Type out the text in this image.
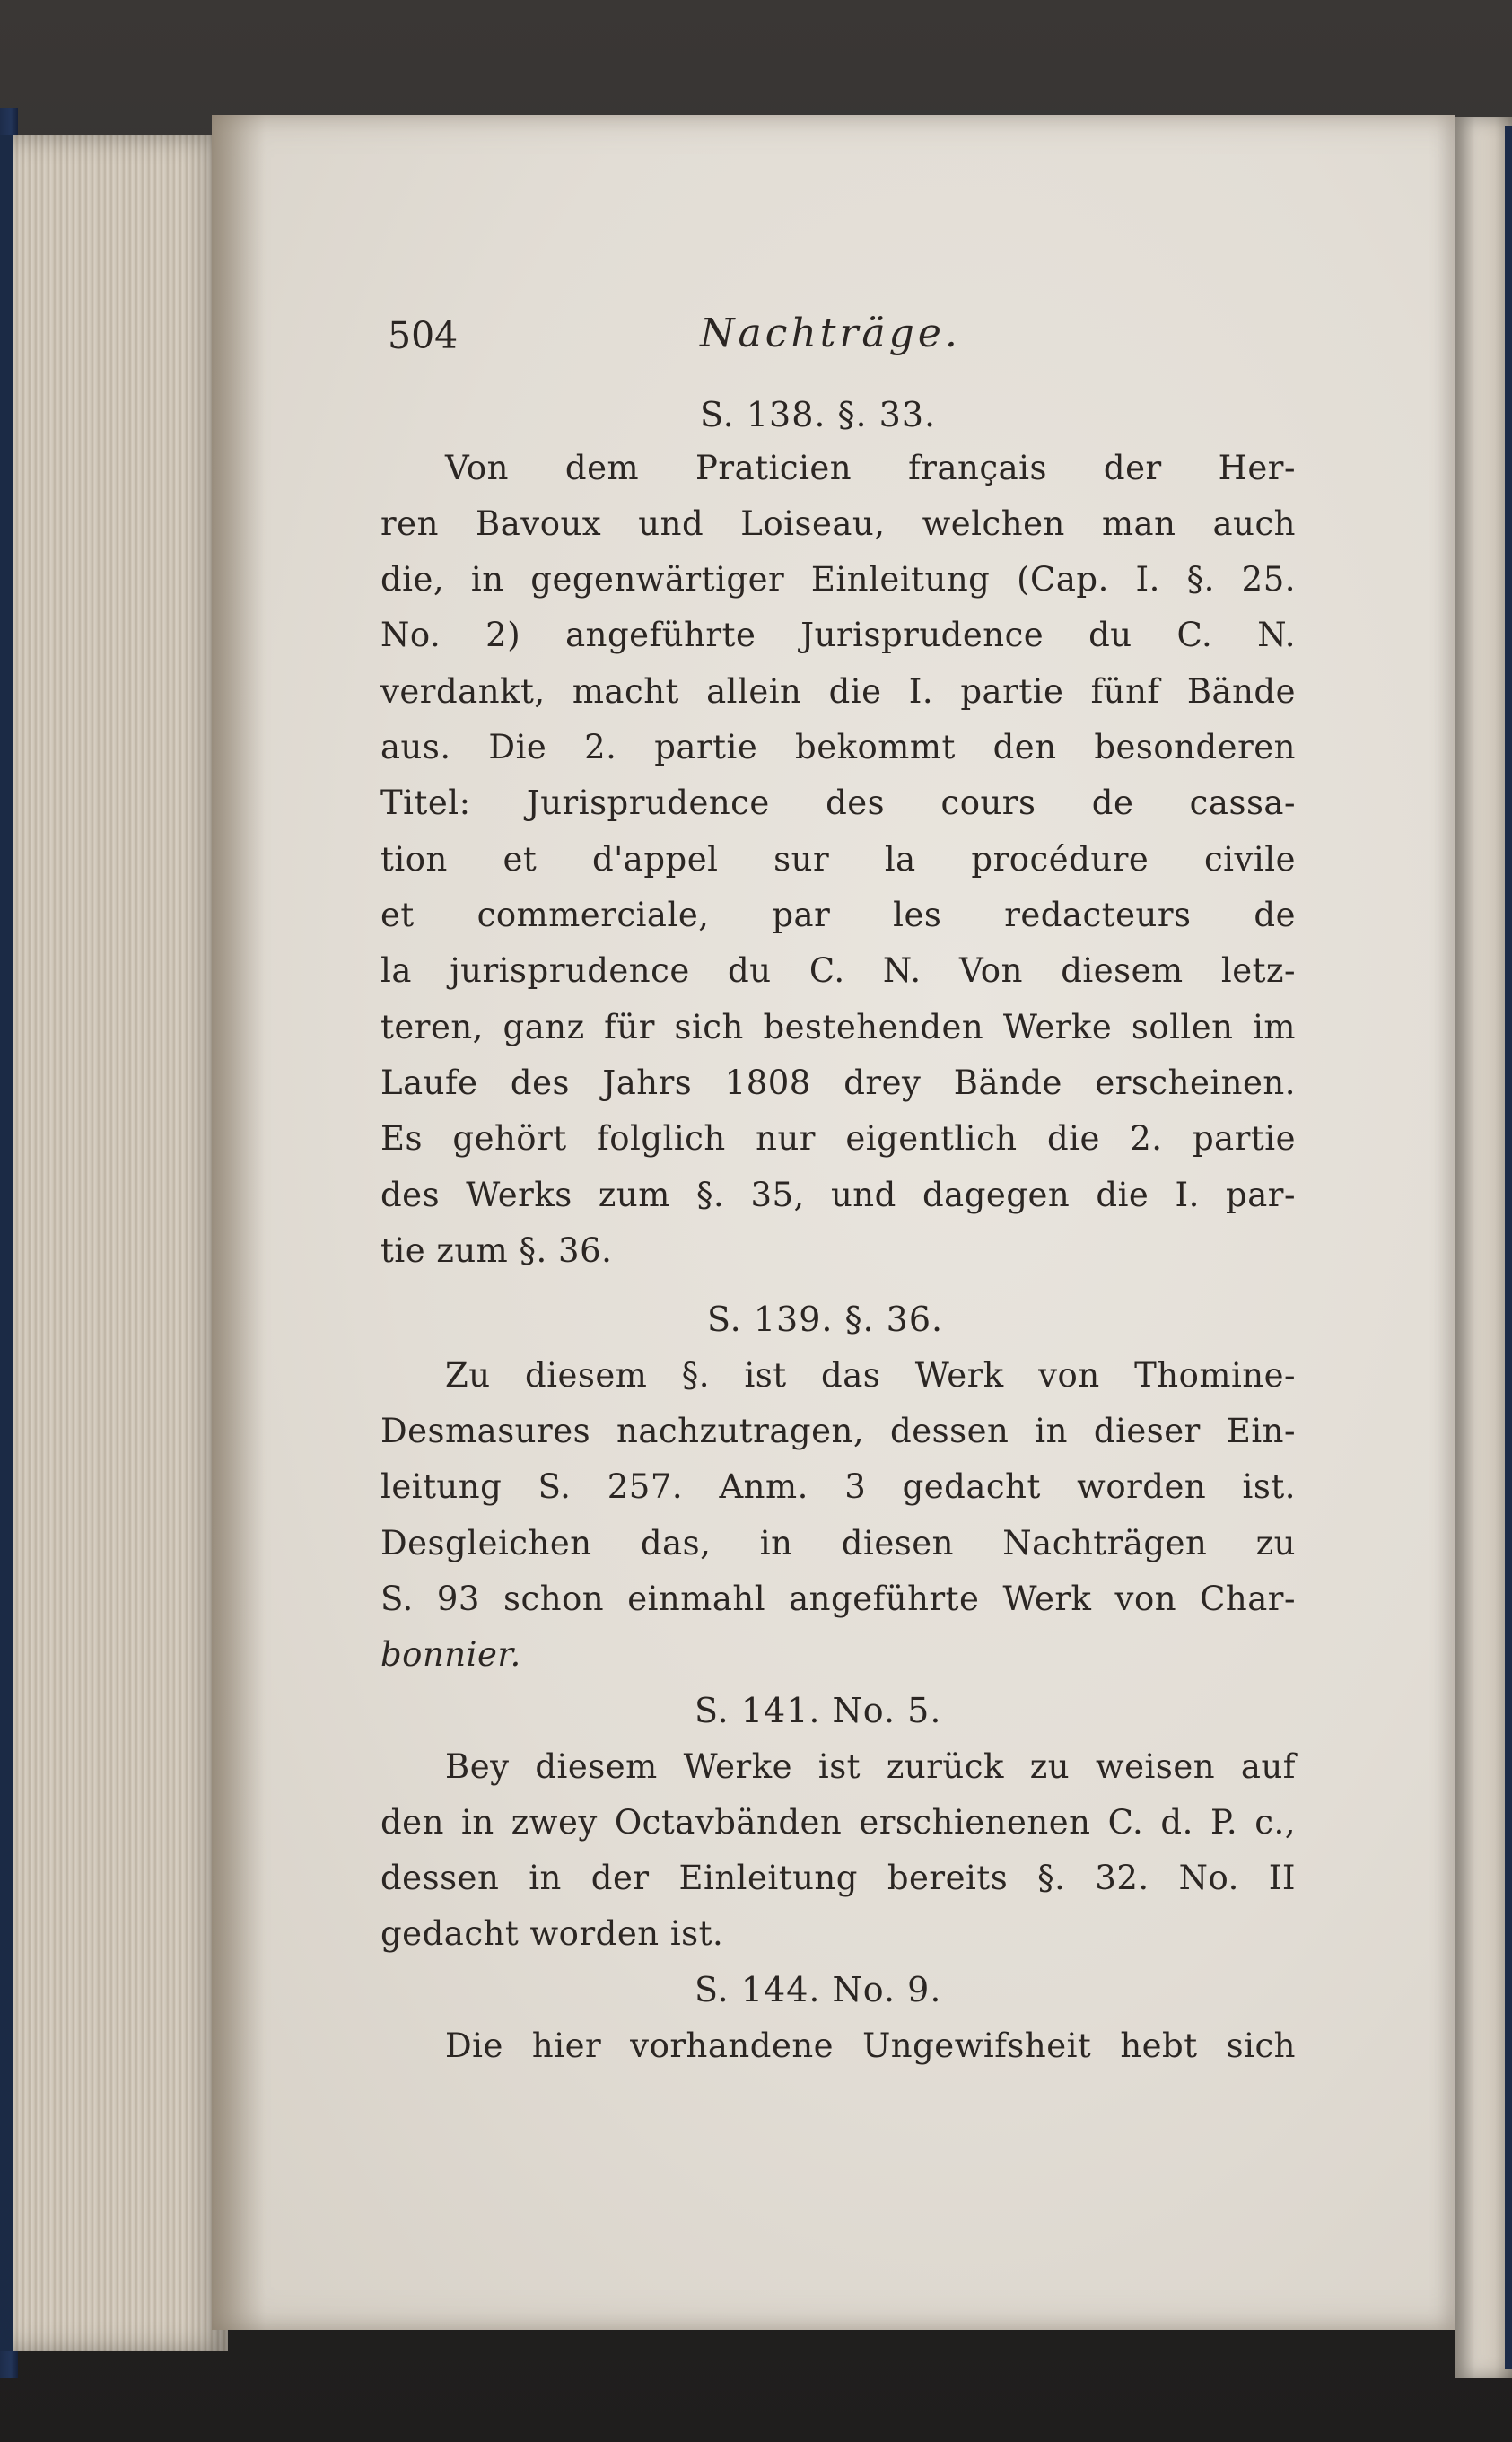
504	Nachträge.
S. 138. §. 33.
Von dem Praticien français der Her-
ren Bavoux und Loiseau, welchen man auch
die, in gegenwärtiger Einleitung (Cap. I. §. 25.
No. 2) angeführte Jurisprudence du C. N.
verdankt, macht allein die I. partie fünf Bände
aus. Die 2. partie bekommt den besonderen
Titel: Jurisprudence des cours de cassa-
tion et d'appel sur la procédure civile
et commerciale, par les redacteurs de
la jurisprudence du C. N. Von diesem letz-
teren, ganz für sich bestehenden Werke sollen im
Laufe des Jahrs 1808 drey Bände erscheinen.
Es gehört folglich nur eigentlich die 2. partie
des Werks zum §. 35, und dagegen die I. par-
tie zum §. 36.
S. 139. §. 36.
Zu diesem §. ist das Werk von Thomine-
Desmasures nachzutragen, dessen in dieser Ein-
leitung S. 257. Anm. 3 gedacht worden ist.
Desgleichen das, in diesen Nachträgen zu
S. 93 schon einmahl angeführte Werk von Char-
bonnier.
S. 141. No. 5.
Bey diesem Werke ist zurück zu weisen auf
den in zwey Octavbänden erschienenen C. d. P. c.,
dessen in der Einleitung bereits §. 32. No. II
gedacht worden ist.
S. 144. No. 9.
Die hier vorhandene Ungewifsheit hebt sich
